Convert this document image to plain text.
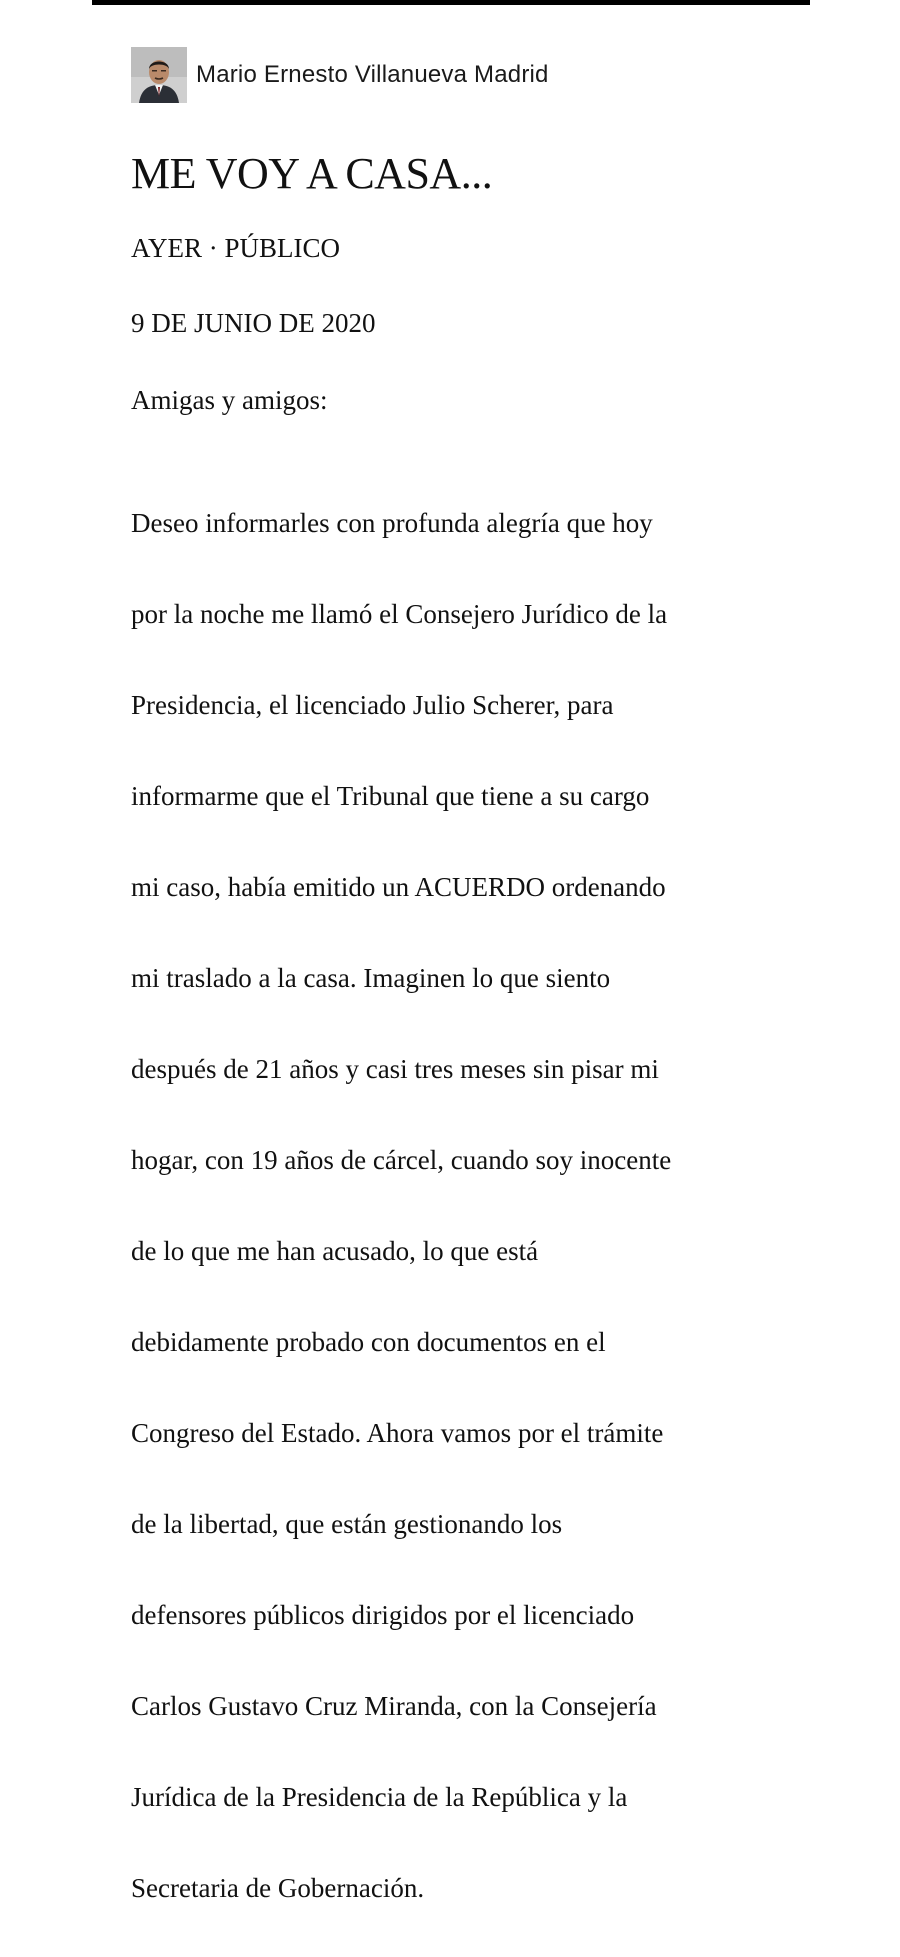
Mario Ernesto Villanueva Madrid
ME VOY A CASA...
AYER · PÚBLICO
9 DE JUNIO DE 2020
Amigas y amigos:

Deseo informarles con profunda alegría que hoy

por la noche me llamó el Consejero Jurídico de la

Presidencia, el licenciado Julio Scherer, para

informarme que el Tribunal que tiene a su cargo

mi caso, había emitido un ACUERDO ordenando

mi traslado a la casa. Imaginen lo que siento

después de 21 años y casi tres meses sin pisar mi

hogar, con 19 años de cárcel, cuando soy inocente

de lo que me han acusado, lo que está

debidamente probado con documentos en el

Congreso del Estado. Ahora vamos por el trámite

de la libertad, que están gestionando los

defensores públicos dirigidos por el licenciado

Carlos Gustavo Cruz Miranda, con la Consejería

Jurídica de la Presidencia de la República y la

Secretaria de Gobernación.
